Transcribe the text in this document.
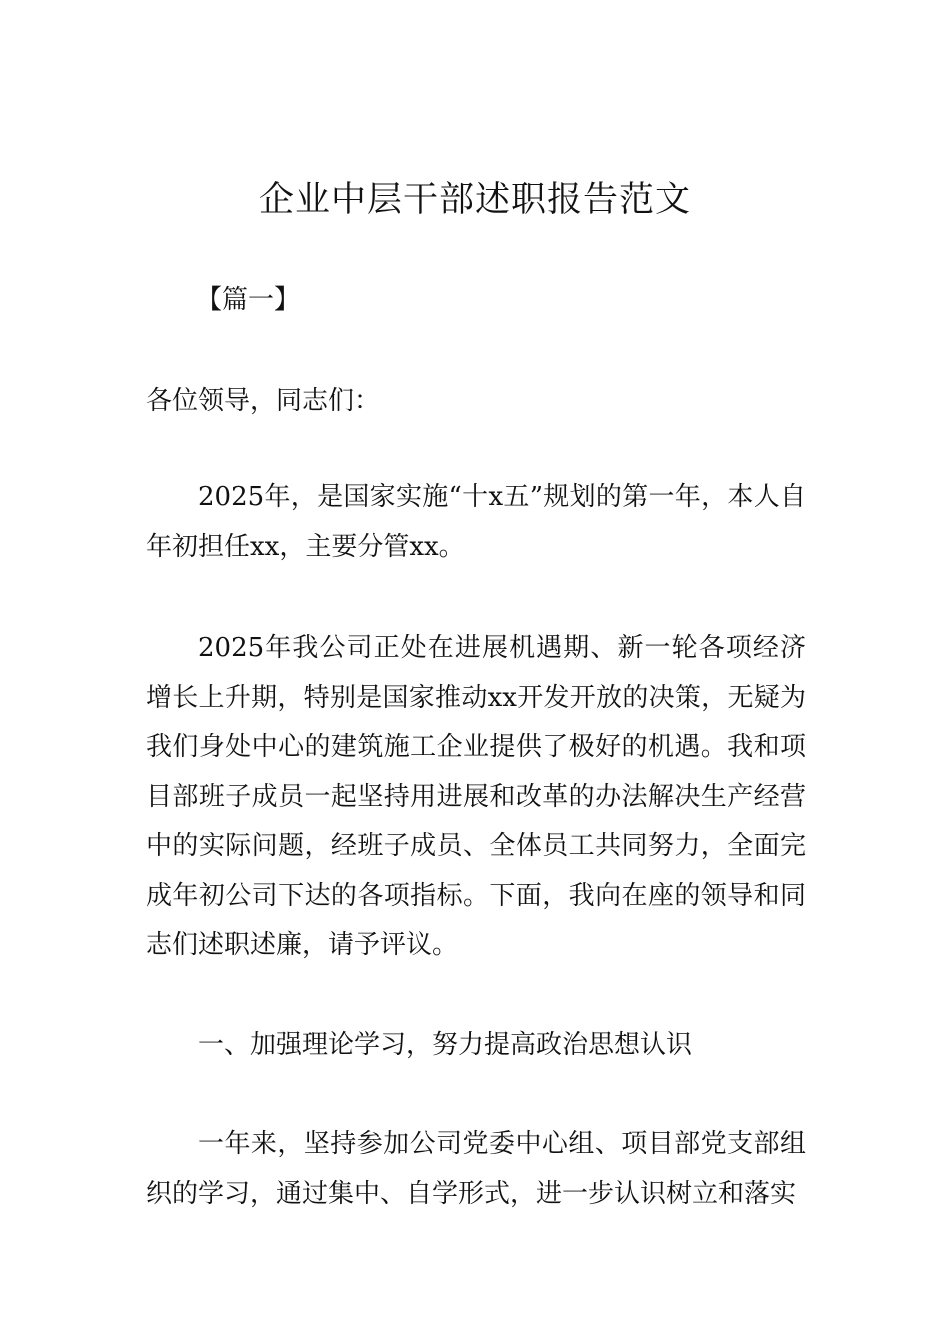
企业中层干部述职报告范文

【篇一】

各位领导，同志们：

2025年，是国家实施“十x五”规划的第一年，本人自年初担任xx，主要分管xx。

2025年我公司正处在进展机遇期、新一轮各项经济增长上升期，特别是国家推动xx开发开放的决策，无疑为我们身处中心的建筑施工企业提供了极好的机遇。我和项目部班子成员一起坚持用进展和改革的办法解决生产经营中的实际问题，经班子成员、全体员工共同努力，全面完成年初公司下达的各项指标。下面，我向在座的领导和同志们述职述廉，请予评议。

一、加强理论学习，努力提高政治思想认识

一年来，坚持参加公司党委中心组、项目部党支部组织的学习，通过集中、自学形式，进一步认识树立和落实
